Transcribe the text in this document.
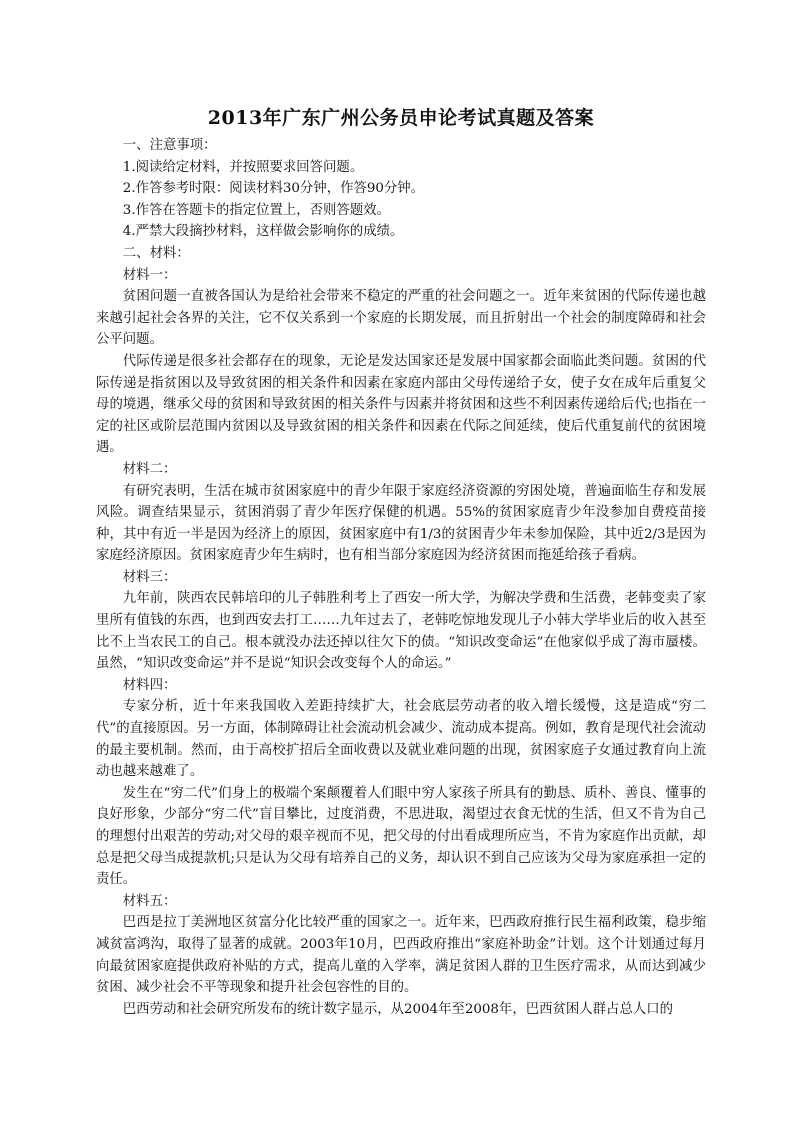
2013年广东广州公务员申论考试真题及答案

一、注意事项：

1.阅读给定材料，并按照要求回答问题。

2.作答参考时限：阅读材料30分钟，作答90分钟。

3.作答在答题卡的指定位置上，否则答题效。

4.严禁大段摘抄材料，这样做会影响你的成绩。

二、材料：

材料一：

贫困问题一直被各国认为是给社会带来不稳定的严重的社会问题之一。近年来贫困的代际传递也越来越引起社会各界的关注，它不仅关系到一个家庭的长期发展，而且折射出一个社会的制度障碍和社会公平问题。

代际传递是很多社会都存在的现象，无论是发达国家还是发展中国家都会面临此类问题。贫困的代际传递是指贫困以及导致贫困的相关条件和因素在家庭内部由父母传递给子女，使子女在成年后重复父母的境遇，继承父母的贫困和导致贫困的相关条件与因素并将贫困和这些不利因素传递给后代;也指在一定的社区或阶层范围内贫困以及导致贫困的相关条件和因素在代际之间延续，使后代重复前代的贫困境遇。

材料二：

有研究表明，生活在城市贫困家庭中的青少年限于家庭经济资源的穷困处境，普遍面临生存和发展风险。调查结果显示，贫困消弱了青少年医疗保健的机遇。55%的贫困家庭青少年没参加自费疫苗接种，其中有近一半是因为经济上的原因，贫困家庭中有1/3的贫困青少年未参加保险，其中近2/3是因为家庭经济原因。贫困家庭青少年生病时，也有相当部分家庭因为经济贫困而拖延给孩子看病。

材料三：

九年前，陕西农民韩培印的儿子韩胜利考上了西安一所大学，为解决学费和生活费，老韩变卖了家里所有值钱的东西，也到西安去打工……九年过去了，老韩吃惊地发现儿子小韩大学毕业后的收入甚至比不上当农民工的自己。根本就没办法还掉以往欠下的债。“知识改变命运”在他家似乎成了海市蜃楼。虽然，“知识改变命运”并不是说“知识会改变每个人的命运。”

材料四：

专家分析，近十年来我国收入差距持续扩大，社会底层劳动者的收入增长缓慢，这是造成“穷二代”的直接原因。另一方面，体制障碍让社会流动机会减少、流动成本提高。例如，教育是现代社会流动的最主要机制。然而，由于高校扩招后全面收费以及就业难问题的出现，贫困家庭子女通过教育向上流动也越来越难了。

发生在“穷二代”们身上的极端个案颠覆着人们眼中穷人家孩子所具有的勤恳、质朴、善良、懂事的良好形象，少部分“穷二代”盲目攀比，过度消费，不思进取，渴望过衣食无忧的生活，但又不肯为自己的理想付出艰苦的劳动;对父母的艰辛视而不见，把父母的付出看成理所应当，不肯为家庭作出贡献，却总是把父母当成提款机;只是认为父母有培养自己的义务，却认识不到自己应该为父母为家庭承担一定的责任。

材料五：

巴西是拉丁美洲地区贫富分化比较严重的国家之一。近年来，巴西政府推行民生福利政策，稳步缩减贫富鸿沟，取得了显著的成就。2003年10月，巴西政府推出“家庭补助金”计划。这个计划通过每月向最贫困家庭提供政府补贴的方式，提高儿童的入学率，满足贫困人群的卫生医疗需求，从而达到减少贫困、减少社会不平等现象和提升社会包容性的目的。

巴西劳动和社会研究所发布的统计数字显示，从2004年至2008年，巴西贫困人群占总人口的
